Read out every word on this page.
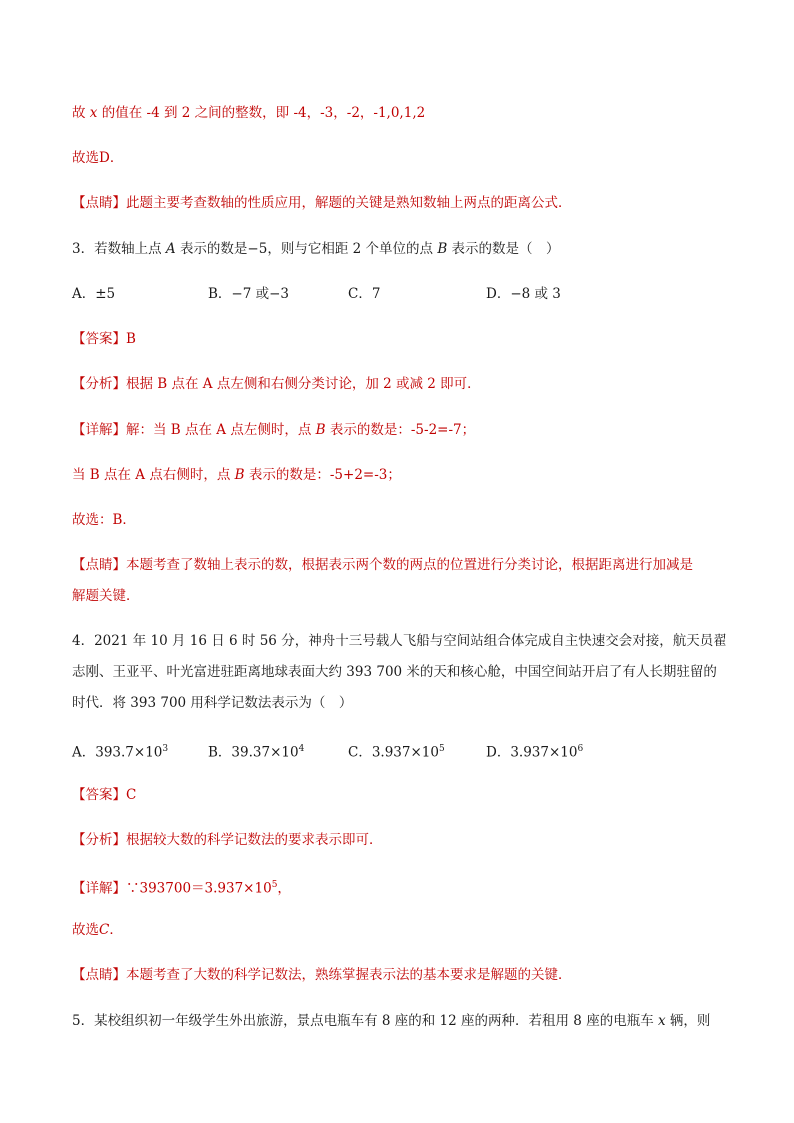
故 x 的值在 -4 到 2 之间的整数，即 -4，-3，-2，-1,0,1,2
故选D．
【点睛】此题主要考查数轴的性质应用，解题的关键是熟知数轴上两点的距离公式．
3．若数轴上点 A 表示的数是−5，则与它相距 2 个单位的点 B 表示的数是（　）
A．±5	B．−7 或−3	C．7	D．−8 或 3
【答案】B
【分析】根据 B 点在 A 点左侧和右侧分类讨论，加 2 或减 2 即可．
【详解】解：当 B 点在 A 点左侧时，点 B 表示的数是：-5-2=-7；
当 B 点在 A 点右侧时，点 B 表示的数是：-5+2=-3；
故选：B．
【点睛】本题考查了数轴上表示的数，根据表示两个数的两点的位置进行分类讨论，根据距离进行加减是
解题关键．
4．2021 年 10 月 16 日 6 时 56 分，神舟十三号载人飞船与空间站组合体完成自主快速交会对接，航天员翟
志刚、王亚平、叶光富进驻距离地球表面大约 393 700 米的天和核心舱，中国空间站开启了有人长期驻留的
时代．将 393 700 用科学记数法表示为（　）
A．$393.7\times 10^3$	B．$39.37\times 10^4$	C．$3.937\times 10^5$	D．$3.937\times 10^6$
【答案】C
【分析】根据较大数的科学记数法的要求表示即可．
【详解】$\because 393700=3.937\times 10^5$，
故选C．
【点睛】本题考查了大数的科学记数法，熟练掌握表示法的基本要求是解题的关键．
5．某校组织初一年级学生外出旅游，景点电瓶车有 8 座的和 12 座的两种．若租用 8 座的电瓶车 x 辆，则
